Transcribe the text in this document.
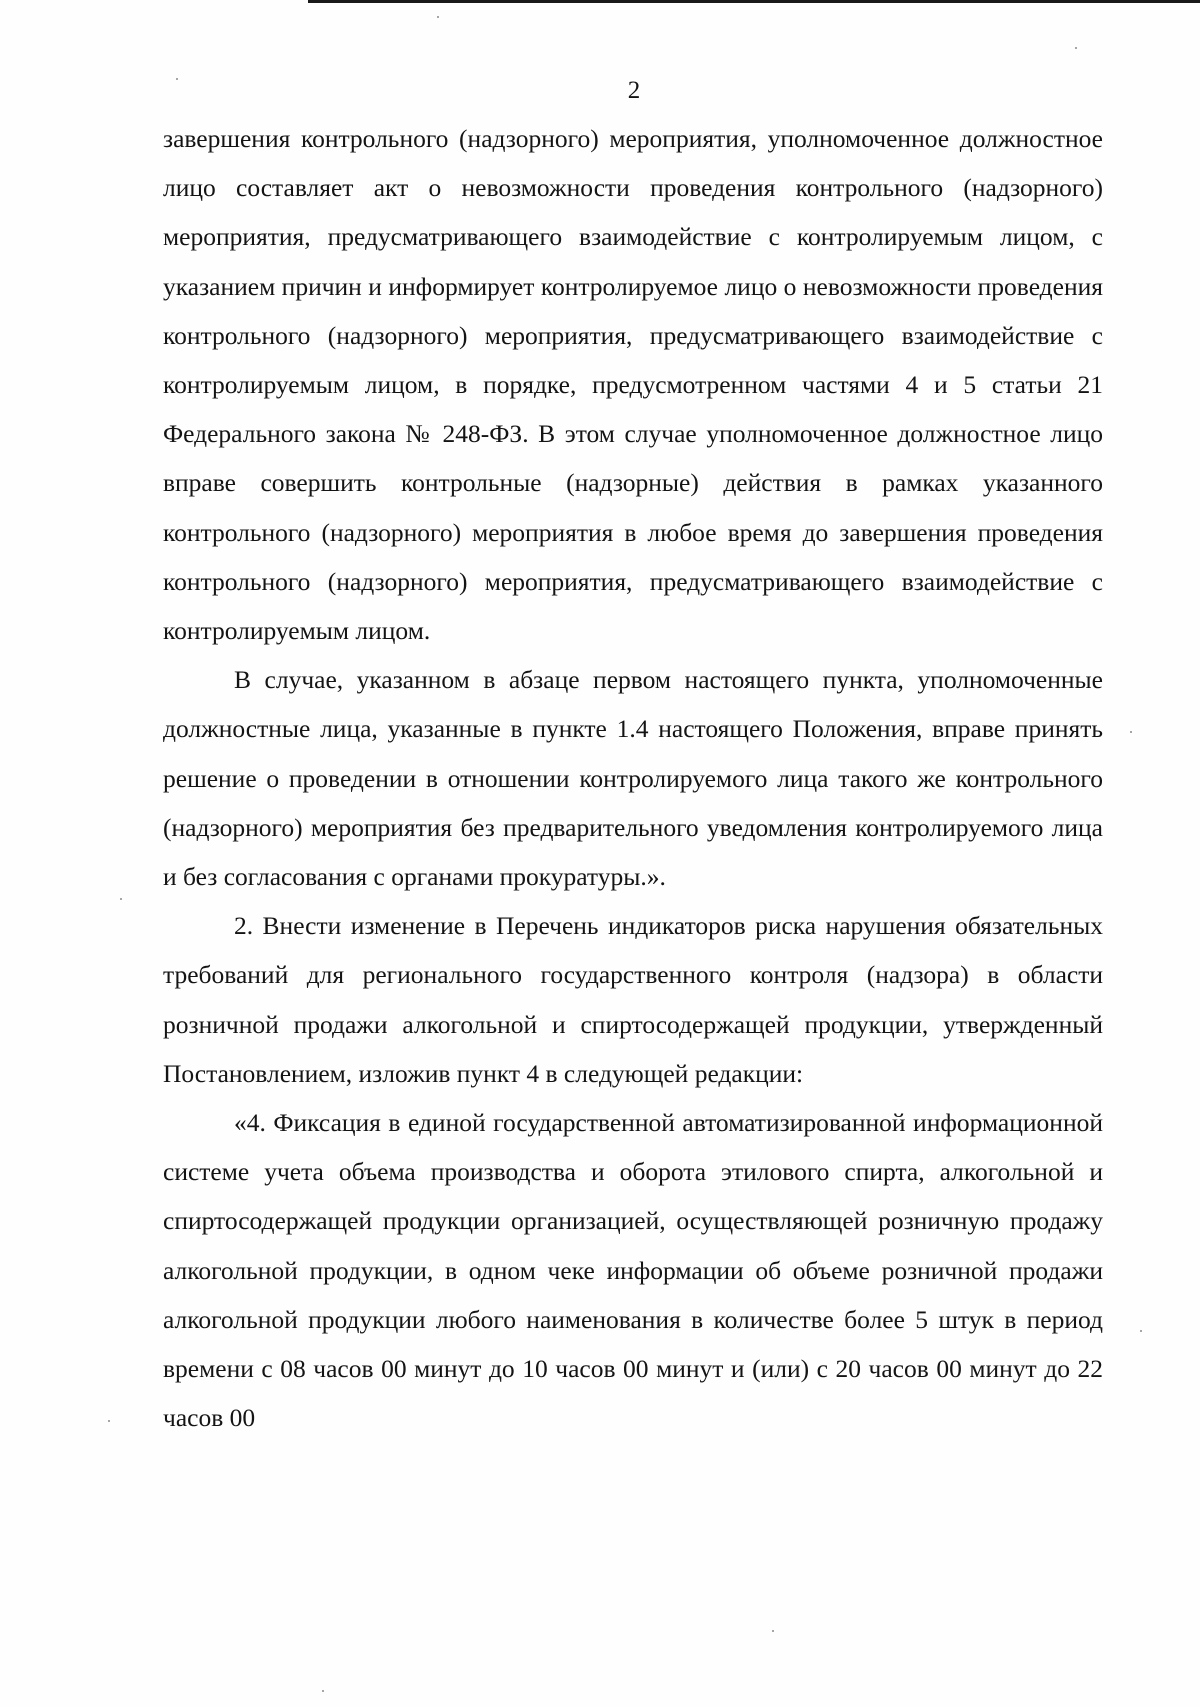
2

завершения контрольного (надзорного) мероприятия, уполномоченное должностное лицо составляет акт о невозможности проведения контрольного (надзорного) мероприятия, предусматривающего взаимодействие с контролируемым лицом, с указанием причин и информирует контролируемое лицо о невозможности проведения контрольного (надзорного) мероприятия, предусматривающего взаимодействие с контролируемым лицом, в порядке, предусмотренном частями 4 и 5 статьи 21 Федерального закона № 248-ФЗ. В этом случае уполномоченное должностное лицо вправе совершить контрольные (надзорные) действия в рамках указанного контрольного (надзорного) мероприятия в любое время до завершения проведения контрольного (надзорного) мероприятия, предусматривающего взаимодействие с контролируемым лицом.

В случае, указанном в абзаце первом настоящего пункта, уполномоченные должностные лица, указанные в пункте 1.4 настоящего Положения, вправе принять решение о проведении в отношении контролируемого лица такого же контрольного (надзорного) мероприятия без предварительного уведомления контролируемого лица и без согласования с органами прокуратуры.».

2. Внести изменение в Перечень индикаторов риска нарушения обязательных требований для регионального государственного контроля (надзора) в области розничной продажи алкогольной и спиртосодержащей продукции, утвержденный Постановлением, изложив пункт 4 в следующей редакции:

«4. Фиксация в единой государственной автоматизированной информационной системе учета объема производства и оборота этилового спирта, алкогольной и спиртосодержащей продукции организацией, осуществляющей розничную продажу алкогольной продукции, в одном чеке информации об объеме розничной продажи алкогольной продукции любого наименования в количестве более 5 штук в период времени с 08 часов 00 минут до 10 часов 00 минут и (или) с 20 часов 00 минут до 22 часов 00
